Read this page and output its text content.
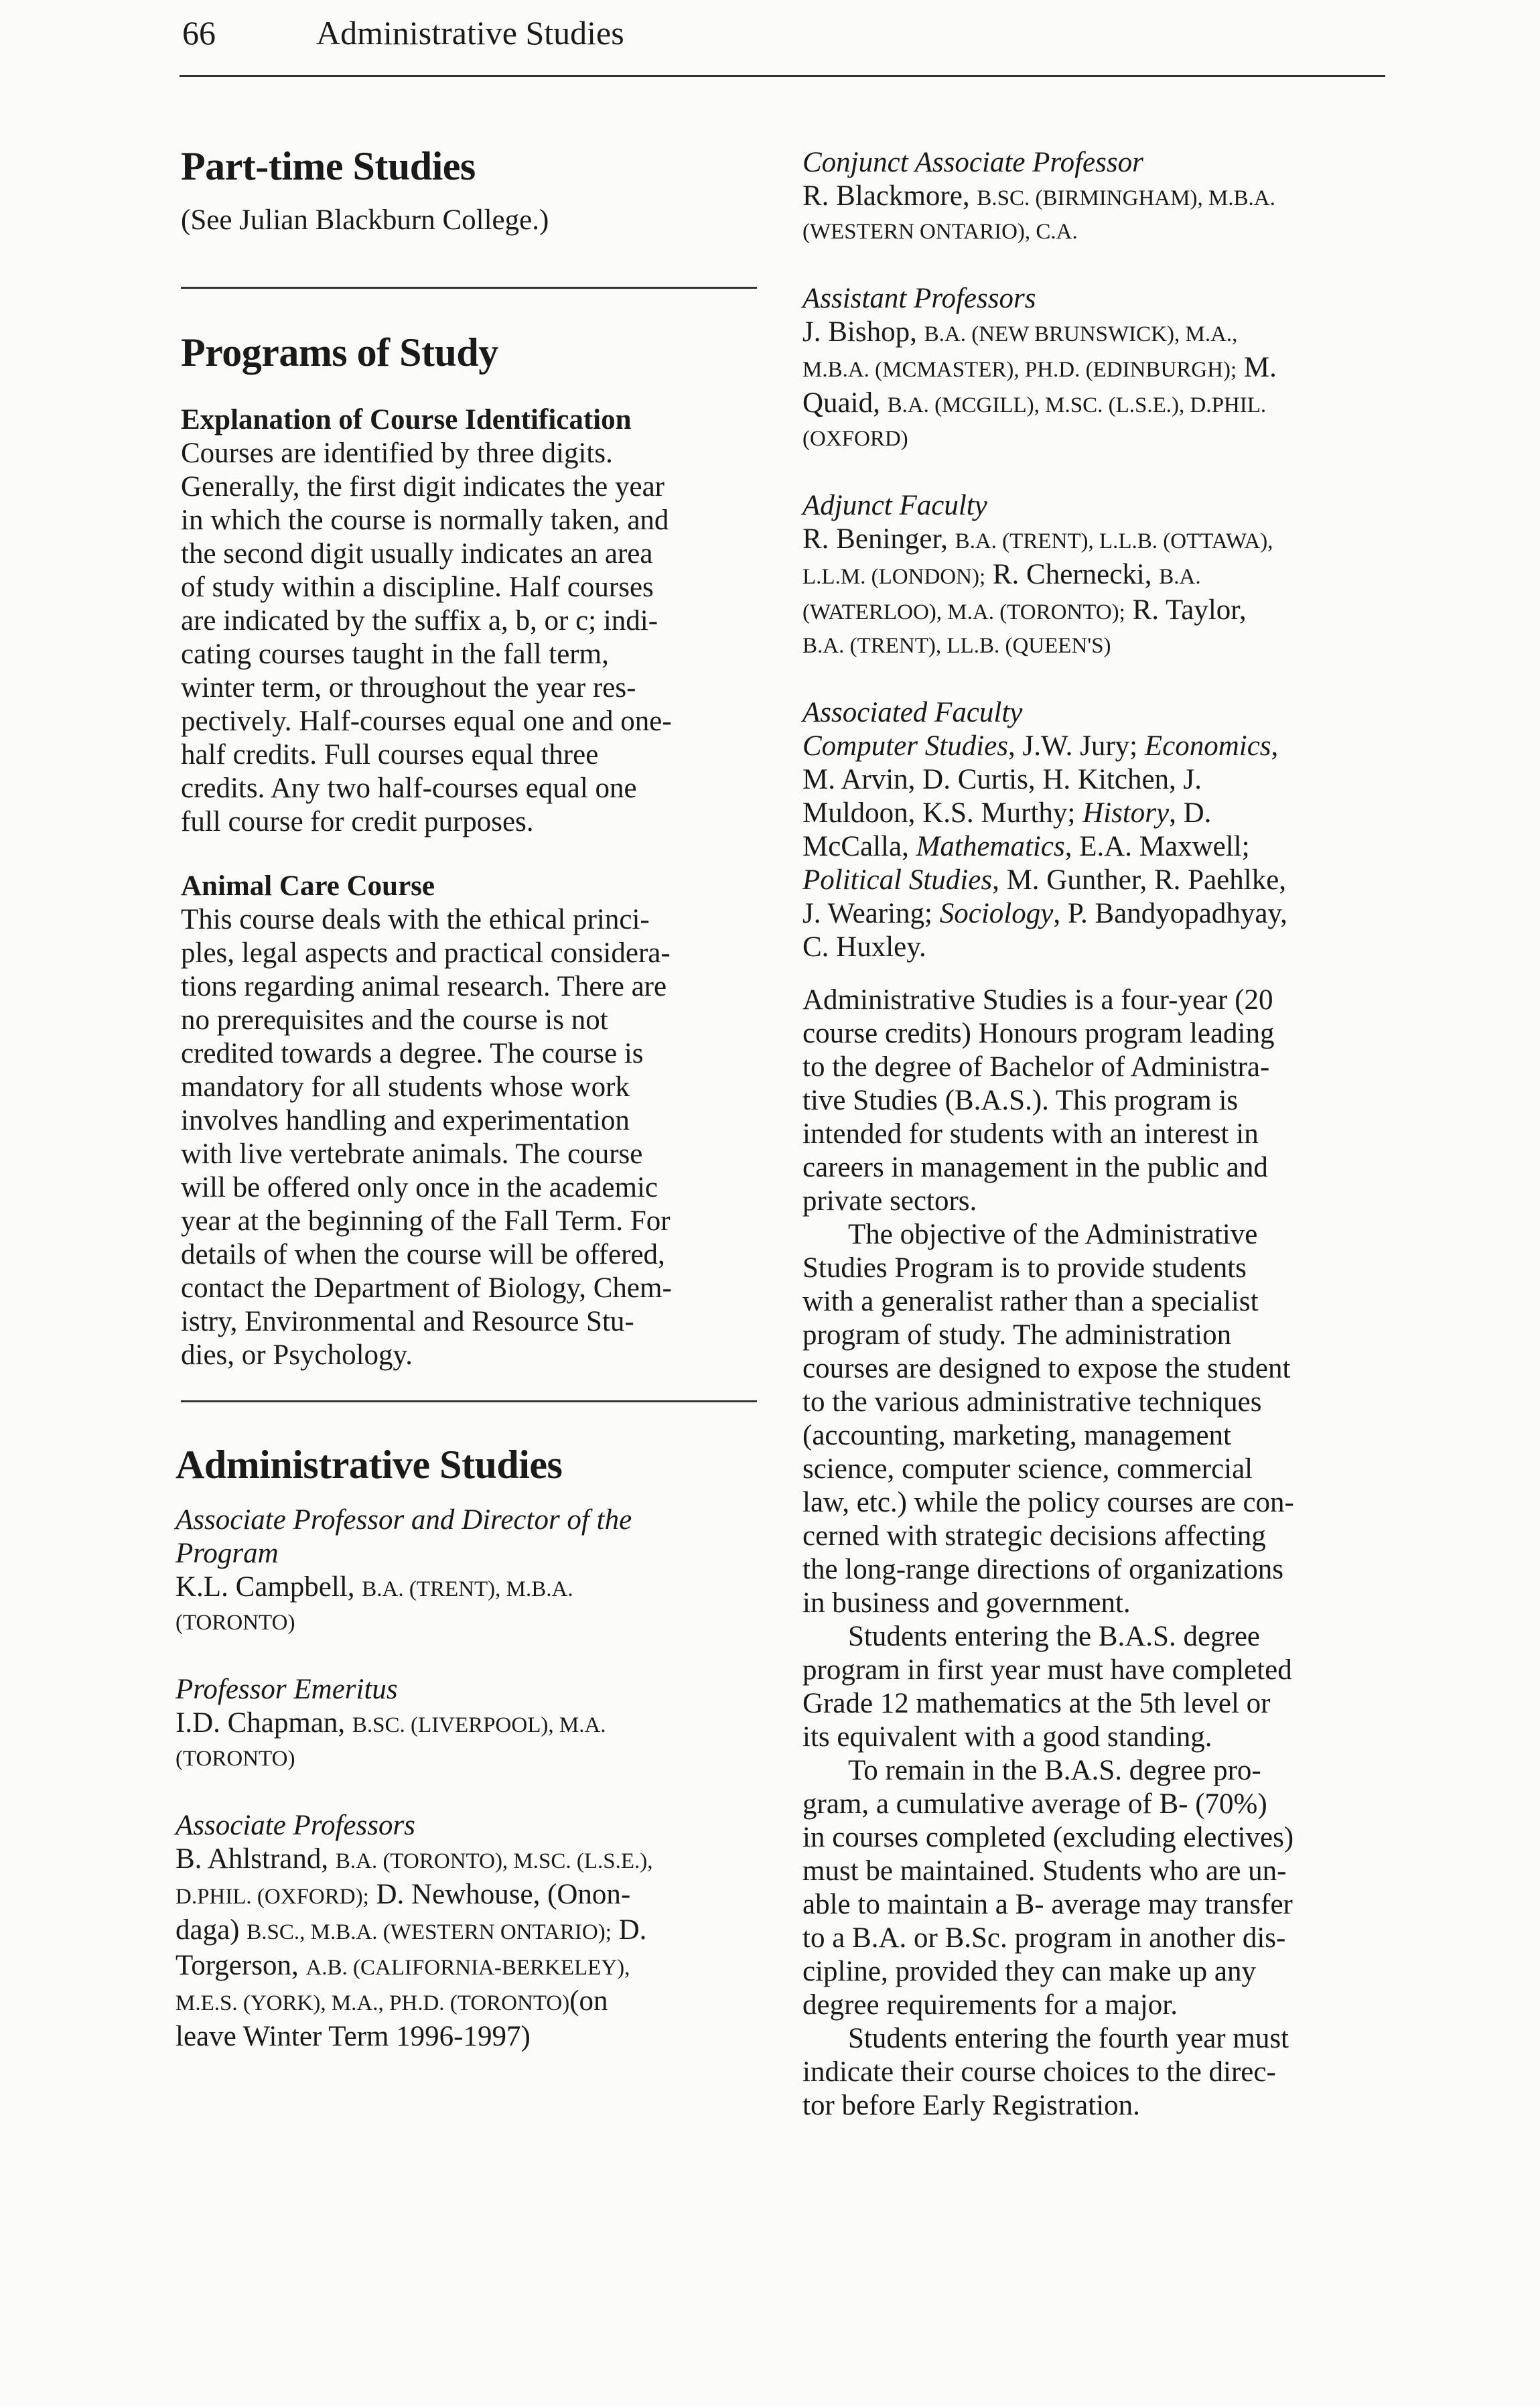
66	Administrative Studies

Part-time Studies

(See Julian Blackburn College.)

Programs of Study

Explanation of Course Identification

Courses are identified by three digits.

Generally, the first digit indicates the year

in which the course is normally taken, and

the second digit usually indicates an area

of study within a discipline. Half courses

are indicated by the suffix a, b, or c; indi-

cating courses taught in the fall term,

winter term, or throughout the year res-

pectively. Half-courses equal one and one-

half credits. Full courses equal three

credits. Any two half-courses equal one

full course for credit purposes.

Animal Care Course

This course deals with the ethical princi-

ples, legal aspects and practical considera-

tions regarding animal research. There are

no prerequisites and the course is not

credited towards a degree. The course is

mandatory for all students whose work

involves handling and experimentation

with live vertebrate animals. The course

will be offered only once in the academic

year at the beginning of the Fall Term. For

details of when the course will be offered,

contact the Department of Biology, Chem-

istry, Environmental and Resource Stu-

dies, or Psychology.

Administrative Studies

Associate Professor and Director of the

Program

K.L. Campbell, B.A. (TRENT), M.B.A.

(TORONTO)

Professor Emeritus

I.D. Chapman, B.SC. (LIVERPOOL), M.A.

(TORONTO)

Associate Professors

B. Ahlstrand, B.A. (TORONTO), M.SC. (L.S.E.),

D.PHIL. (OXFORD); D. Newhouse, (Onon-

daga) B.SC., M.B.A. (WESTERN ONTARIO); D.

Torgerson, A.B. (CALIFORNIA-BERKELEY),

M.E.S. (YORK), M.A., PH.D. (TORONTO)(on

leave Winter Term 1996-1997)

Conjunct Associate Professor

R. Blackmore, B.SC. (BIRMINGHAM), M.B.A.

(WESTERN ONTARIO), C.A.

Assistant Professors

J. Bishop, B.A. (NEW BRUNSWICK), M.A.,

M.B.A. (MCMASTER), PH.D. (EDINBURGH); M.

Quaid, B.A. (MCGILL), M.SC. (L.S.E.), D.PHIL.

(OXFORD)

Adjunct Faculty

R. Beninger, B.A. (TRENT), L.L.B. (OTTAWA),

L.L.M. (LONDON); R. Chernecki, B.A.

(WATERLOO), M.A. (TORONTO); R. Taylor,

B.A. (TRENT), LL.B. (QUEEN'S)

Associated Faculty

Computer Studies, J.W. Jury; Economics,

M. Arvin, D. Curtis, H. Kitchen, J.

Muldoon, K.S. Murthy; History, D.

McCalla, Mathematics, E.A. Maxwell;

Political Studies, M. Gunther, R. Paehlke,

J. Wearing; Sociology, P. Bandyopadhyay,

C. Huxley.

Administrative Studies is a four-year (20

course credits) Honours program leading

to the degree of Bachelor of Administra-

tive Studies (B.A.S.). This program is

intended for students with an interest in

careers in management in the public and

private sectors.

The objective of the Administrative

Studies Program is to provide students

with a generalist rather than a specialist

program of study. The administration

courses are designed to expose the student

to the various administrative techniques

(accounting, marketing, management

science, computer science, commercial

law, etc.) while the policy courses are con-

cerned with strategic decisions affecting

the long-range directions of organizations

in business and government.

Students entering the B.A.S. degree

program in first year must have completed

Grade 12 mathematics at the 5th level or

its equivalent with a good standing.

To remain in the B.A.S. degree pro-

gram, a cumulative average of B- (70%)

in courses completed (excluding electives)

must be maintained. Students who are un-

able to maintain a B- average may transfer

to a B.A. or B.Sc. program in another dis-

cipline, provided they can make up any

degree requirements for a major.

Students entering the fourth year must

indicate their course choices to the direc-

tor before Early Registration.
